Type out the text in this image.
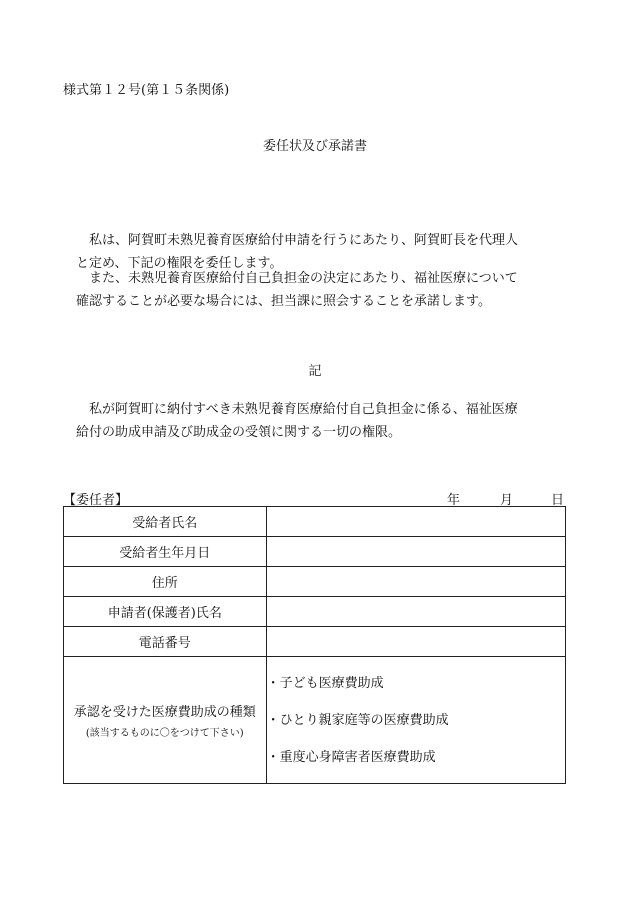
様式第１２号(第１５条関係)
委任状及び承諾書
私は、阿賀町未熟児養育医療給付申請を行うにあたり、阿賀町長を代理人
と定め、下記の権限を委任します。
また、未熟児養育医療給付自己負担金の決定にあたり、福祉医療について
確認することが必要な場合には、担当課に照会することを承諾します。
記
私が阿賀町に納付すべき未熟児養育医療給付自己負担金に係る、福祉医療
給付の助成申請及び助成金の受領に関する一切の権限。
【委任者】	年	月	日
受給者氏名	
受給者生年月日	
住所	
申請者(保護者)氏名	
電話番号	

承認を受けた医療費助成の種類
(該当するものに〇をつけて下さい)	・子ども医療費助成
・ひとり親家庭等の医療費助成
・重度心身障害者医療費助成
